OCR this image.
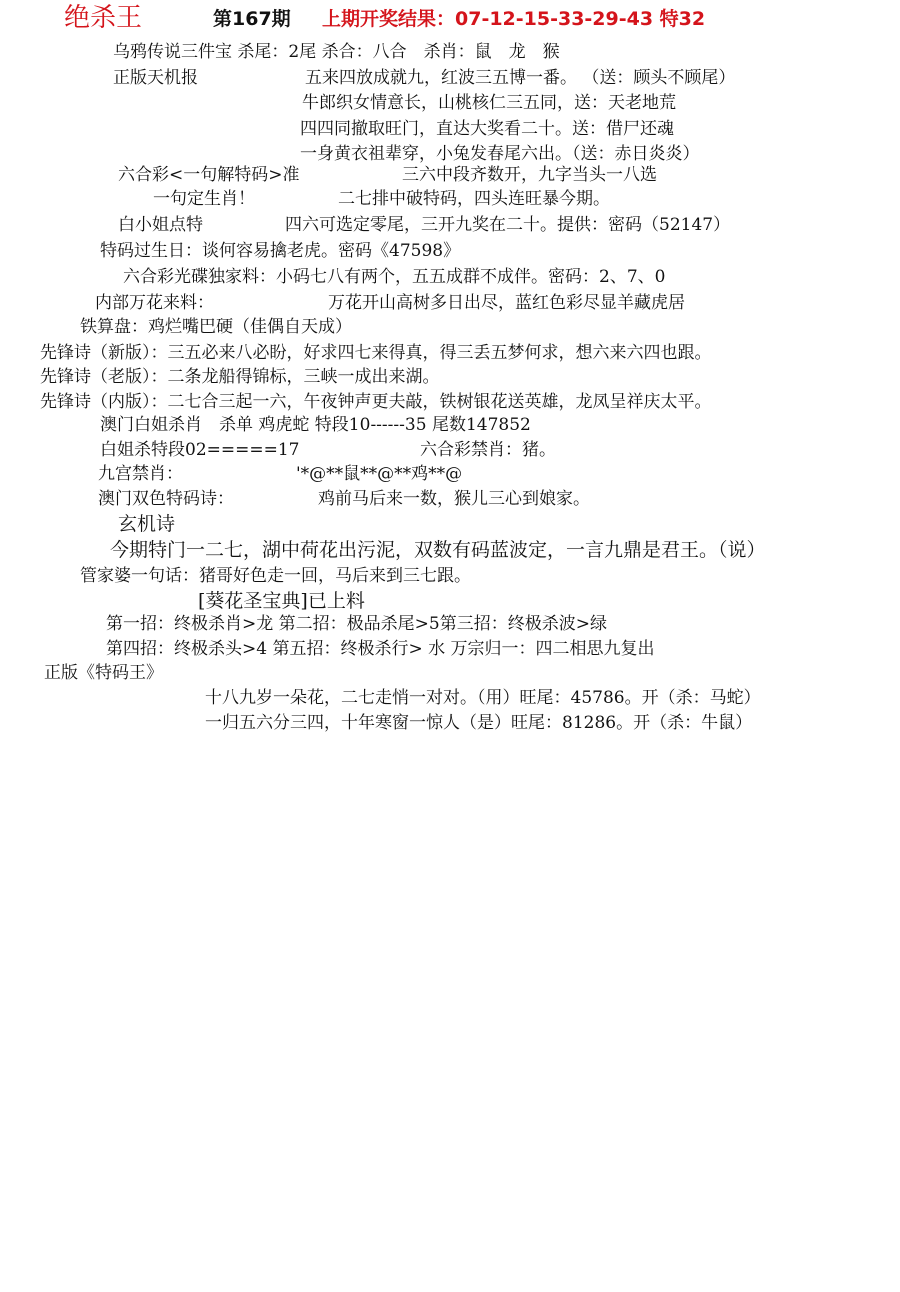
绝杀王	第167期 上期开奖结果：07-12-15-33-29-43 特32
乌鸦传说三件宝 杀尾：2尾 杀合：八合　杀肖：鼠　龙　猴
正版天机报	五来四放成就九，红波三五博一番。 （送：顾头不顾尾）
牛郎织女情意长，山桃核仁三五同，送：天老地荒
四四同撤取旺门，直达大奖看二十。送：借尸还魂
一身黄衣祖辈穿，小兔发春尾六出。（送：赤日炎炎）
六合彩<一句解特码>准	三六中段齐数开，九字当头一八选
一句定生肖！	二七排中破特码，四头连旺暴今期。
白小姐点特	四六可选定零尾，三开九奖在二十。提供：密码（52147）
特码过生日：谈何容易擒老虎。密码《47598》
六合彩光碟独家料：小码七八有两个，五五成群不成伴。密码：2、7、0
内部万花来料：	万花开山高树多日出尽，蓝红色彩尽显羊藏虎居
铁算盘：鸡烂嘴巴硬（佳偶自天成）
先锋诗（新版）：三五必来八必盼，好求四七来得真，得三丢五梦何求，想六来六四也跟。
先锋诗（老版）：二条龙船得锦标，三峡一成出来湖。
先锋诗（内版）：二七合三起一六，午夜钟声更夫敲，铁树银花送英雄，龙凤呈祥庆太平。
澳门白姐杀肖　杀单 鸡虎蛇 特段10------35 尾数147852
白姐杀特段02=====17	六合彩禁肖：猪。
九宫禁肖：	'*@**鼠**@**鸡**@
澳门双色特码诗：	鸡前马后来一数，猴儿三心到娘家。
玄机诗
今期特门一二七，湖中荷花出污泥，双数有码蓝波定，一言九鼎是君王。（说）
管家婆一句话：猪哥好色走一回，马后来到三七跟。
[葵花圣宝典]已上料
第一招：终极杀肖>龙 第二招：极品杀尾>5第三招：终极杀波>绿
第四招：终极杀头>4 第五招：终极杀行> 水 万宗归一：四二相思九复出
正版《特码王》
十八九岁一朵花，二七走悄一对对。（用）旺尾：45786。开（杀：马蛇）
一归五六分三四，十年寒窗一惊人（是）旺尾：81286。开（杀：牛鼠）
